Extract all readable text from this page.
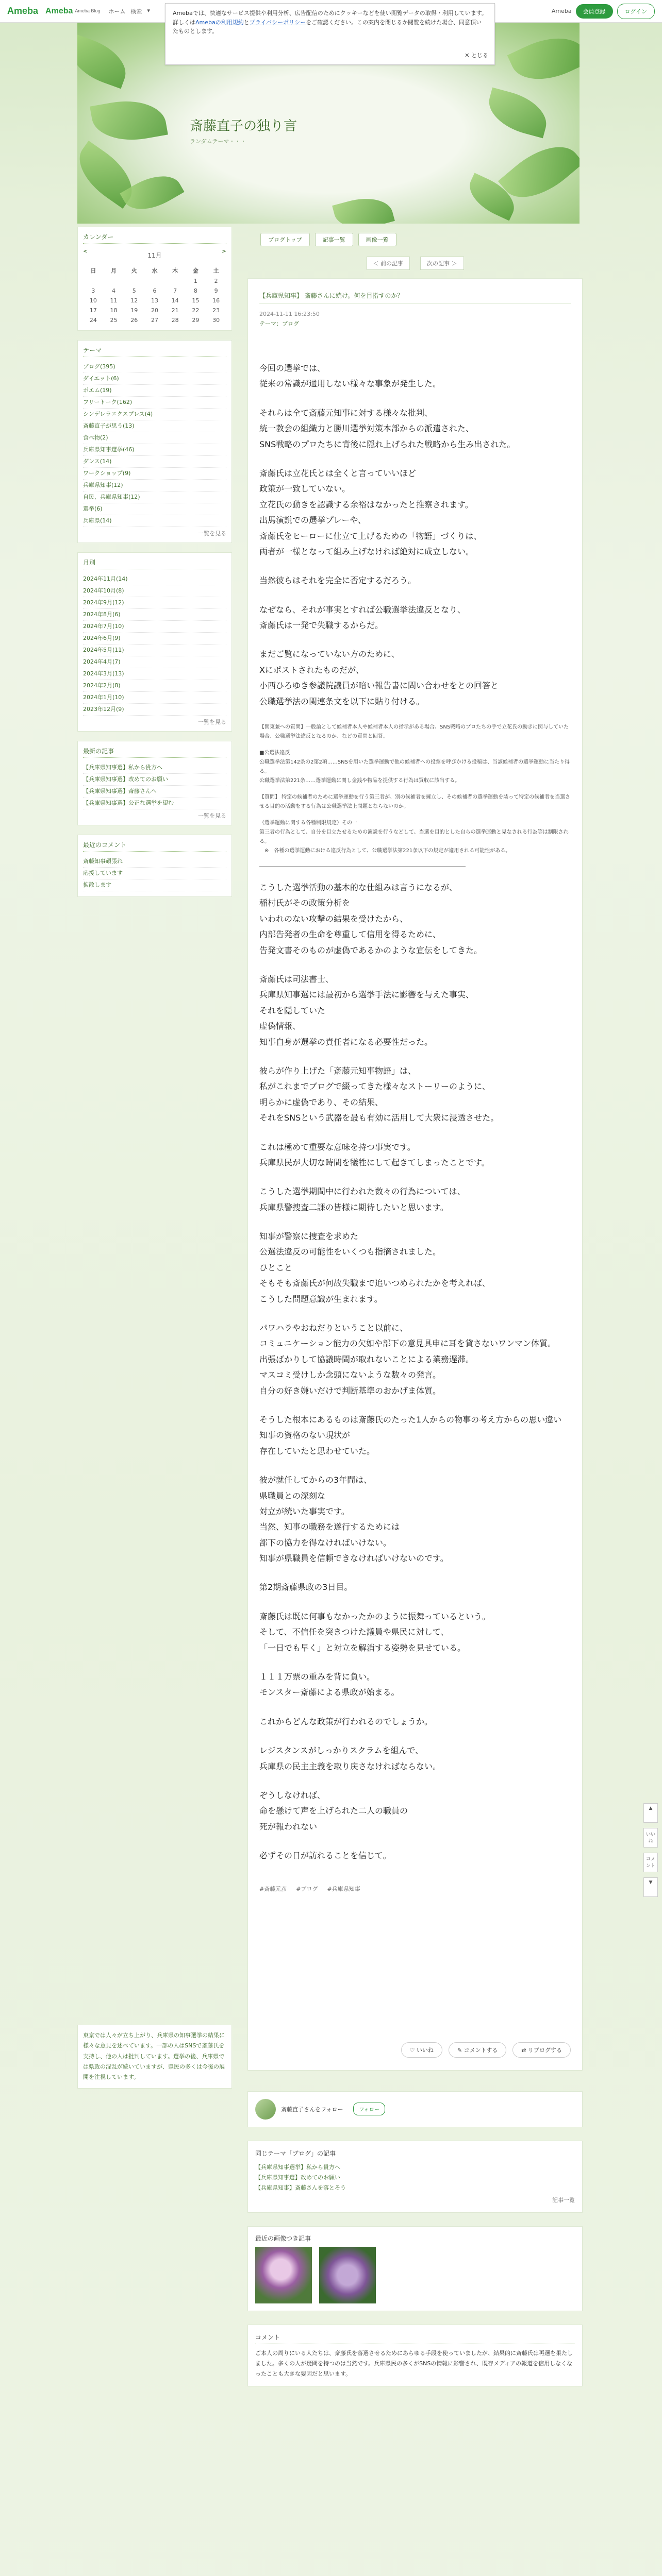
Ameba Ameba Ameba Blog ホーム 検索 ▾	Ameba	会員登録	ログイン
Amebaでは、快適なサービス提供や利用分析、広告配信のためにクッキーなどを使い閲覧データの取得・利用しています。詳しくはAmebaの利用規約とプライバシーポリシーをご確認ください。この案内を閉じるか閲覧を続けた場合、同意頂いたものとします。
✕ とじる
斎藤直子の独り言
ランダムテーマ・・・
ブログトップ	記事一覧	画像一覧
カレンダー
<
11月
>
日	月	火	水	木	金	土
					1	2
3	4	5	6	7	8	9
10	11	12	13	14	15	16
17	18	19	20	21	22	23
24	25	26	27	28	29	30
テーマ
ブログ(395)
ダイエット(6)
ポエム(19)
フリートーク(162)
シンデレラエクスプレス(4)
斎藤直子が思う(13)
食べ物(2)
兵庫県知事選挙(46)
ダンス(14)
ワークショップ(9)
兵庫県知事(12)
自民、兵庫県知事(12)
選挙(6)
兵庫県(14)
一覧を見る
月別
2024年11月(14)
2024年10月(8)
2024年9月(12)
2024年8月(6)
2024年7月(10)
2024年6月(9)
2024年5月(11)
2024年4月(7)
2024年3月(13)
2024年2月(8)
2024年1月(10)
2023年12月(9)
一覧を見る
最新の記事
【兵庫県知事選】私から貴方へ
【兵庫県知事選】改めてのお願い
【兵庫県知事選】斎藤さんへ
【兵庫県知事選】公正な選挙を望む
一覧を見る
最近のコメント
斎藤知事頑張れ
応援しています
拡散します
＜ 前の記事	次の記事 ＞
【兵庫県知事】 斎藤さんに続け。何を目指すのか？
2024-11-11 16:23:50
テーマ：ブログ

今回の選挙では、
従来の常識が通用しない様々な事象が発生した。

それらは全て斎藤元知事に対する様々な批判、
統一教会の組織力と勝川選挙対策本部からの派遣された、
SNS戦略のプロたちに背後に隠れ上げられた戦略から生み出された。

斎藤氏は立花氏とは全くと言っていいほど
政策が一致していない。
立花氏の動きを認識する余裕はなかったと推察されます。
出馬演説での選挙プレーや、
斎藤氏をヒーローに仕立て上げるための「物語」づくりは、
両者が一様となって組み上げなければ絶対に成立しない。

当然彼らはそれを完全に否定するだろう。

なぜなら、それが事実とすれば公職選挙法違反となり、
斎藤氏は一発で失職するからだ。

まだご覧になっていない方のために、
Xにポストされたものだが、
小西ひろゆき参議院議員が暗い報告書に問い合わせをとの回答と
公職選挙法の関連条文を以下に貼り付ける。

【関東兼への質問】一般論として候補者本人や候補者本人の指示がある場合、SNS戦略のプロたちの手で立花氏の動きに関与していた場合、公職選挙法違反となるのか、などの質問と回答。

■公選法違反
公職選挙法第142条の2第2項……SNSを用いた選挙運動で他の候補者への投票を呼びかける投稿は、当該候補者の選挙運動に当たり得る。
公職選挙法第221条……選挙運動に関し金銭や物品を提供する行為は買収に該当する。

【質問】 特定の候補者のために選挙運動を行う第三者が、別の候補者を擁立し、その候補者の選挙運動を装って特定の候補者を当選させる目的の活動をする行為は公職選挙法上問題とならないのか。

（選挙運動に関する各種制限規定）その一
第三者の行為として、自分を目立たせるための演説を行うなどして、当選を目的とした自らの選挙運動と見なされる行為等は制限される。
　※　各種の選挙運動における違反行為として、公職選挙法第221条以下の規定が適用される可能性がある。

こうした選挙活動の基本的な仕組みは言うになるが、
稲村氏がその政策分析を
いわれのない攻撃の結果を受けたから、
内部告発者の生命を尊重して信用を得るために、
告発文書そのものが虚偽であるかのような宣伝をしてきた。

斎藤氏は司法書士、
兵庫県知事選には最初から選挙手法に影響を与えた事実、
それを隠していた
虚偽情報、
知事自身が選挙の責任者になる必要性だった。

彼らが作り上げた「斎藤元知事物語」は、
私がこれまでブログで綴ってきた様々なストーリーのように、
明らかに虚偽であり、その結果、
それをSNSという武器を最も有効に活用して大衆に浸透させた。

これは極めて重要な意味を持つ事実です。
兵庫県民が大切な時間を犠牲にして起きてしまったことです。

こうした選挙期間中に行われた数々の行為については、
兵庫県警捜査二課の皆様に期待したいと思います。

知事が警察に捜査を求めた
公選法違反の可能性をいくつも指摘されました。
ひとこと
そもそも斎藤氏が何故失職まで追いつめられたかを考えれば、
こうした問題意識が生まれます。

パワハラやおねだりということ以前に、
コミュニケーション能力の欠如や部下の意見具申に耳を貸さないワンマン体質。
出張ばかりして協議時間が取れないことによる業務遅滞。
マスコミ受けしか念頭にないような数々の発言。
自分の好き嫌いだけで判断基準のおかげま体質。

そうした根本にあるものは斎藤氏のたった1人からの物事の考え方からの思い違い
知事の資格のない現状が
存在していたと思わせていた。

彼が就任してからの3年間は、
県職員との深刻な
対立が続いた事実です。
当然、知事の職務を遂行するためには
部下の協力を得なければいけない。
知事が県職員を信頼できなければいけないのです。

第2期斎藤県政の3日目。

斎藤氏は既に何事もなかったかのように振舞っているという。
そして、不信任を突きつけた議員や県民に対して、
「一日でも早く」と対立を解消する姿勢を見せている。

１１１万票の重みを背に負い。
モンスター斎藤による県政が始まる。

これからどんな政策が行われるのでしょうか。

レジスタンスがしっかりスクラムを組んで、
兵庫県の民主主義を取り戻さなければならない。

ぞうしなければ、
命を懸けて声を上げられた二人の職員の
死が報われない

必ずその日が訪れることを信じて。

#斎藤元彦 #ブログ #兵庫県知事
♡ いいね	✎ コメントする	⇄ リブログする
斎藤直子さんをフォロー	フォロー
同じテーマ「ブログ」の記事
【兵庫県知事選挙】私から貴方へ
【兵庫県知事選】改めてのお願い
【兵庫県知事】斎藤さんを落とそう
記事一覧
最近の画像つき記事
コメント
ご本人の周りにいる人たちは、斎藤氏を落選させるためにあらゆる手段を使っていましたが、結果的に斎藤氏は再選を果たしました。多くの人が疑問を持つのは当然です。兵庫県民の多くがSNSの情報に影響され、既存メディアの報道を信用しなくなったことも大きな要因だと思います。
東京では人々が立ち上がり、兵庫県の知事選挙の結果に様々な意見を述べています。一部の人はSNSで斎藤氏を支持し、他の人は批判しています。選挙の後、兵庫県では県政の混乱が続いていますが、県民の多くは今後の展開を注視しています。
▲
いいね
コメント
▼
